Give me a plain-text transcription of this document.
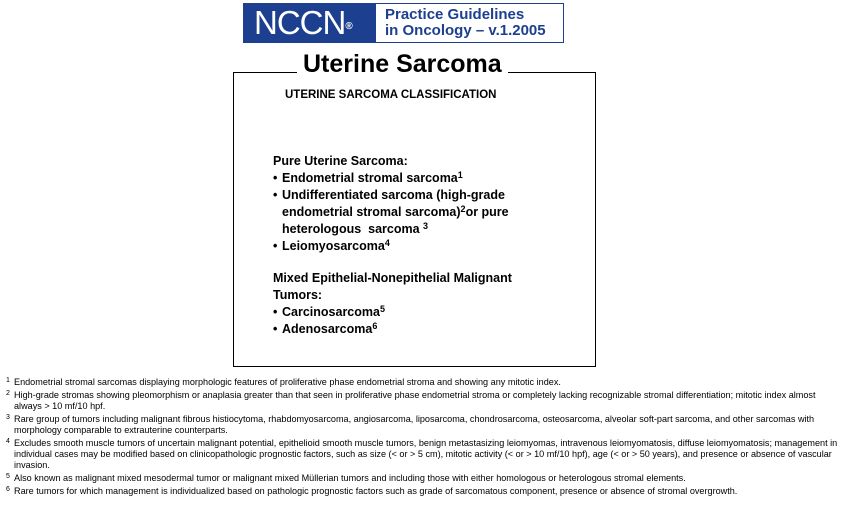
NCCN®
Practice Guidelines
in Oncology – v.1.2005
Uterine Sarcoma
UTERINE SARCOMA CLASSIFICATION
Pure Uterine Sarcoma:
• Endometrial stromal sarcoma$^1$
• Undifferentiated sarcoma (high-grade
endometrial stromal sarcoma)$^2$or pure
heterologous  sarcoma $^3$
• Leiomyosarcoma$^4$
Mixed Epithelial-Nonepithelial Malignant
Tumors:
• Carcinosarcoma$^5$
• Adenosarcoma$^6$
1 Endometrial stromal sarcomas displaying morphologic features of proliferative phase endometrial stroma and showing any mitotic index.
2 High-grade stromas showing pleomorphism or anaplasia greater than that seen in proliferative phase endometrial stroma or completely lacking recognizable stromal differentiation; mitotic index almost always > 10 mf/10 hpf.
3 Rare group of tumors including malignant fibrous histiocytoma, rhabdomyosarcoma, angiosarcoma, liposarcoma, chondrosarcoma, osteosarcoma, alveolar soft-part sarcoma, and other sarcomas with morphology comparable to extrauterine counterparts.
4 Excludes smooth muscle tumors of uncertain malignant potential, epithelioid smooth muscle tumors, benign metastasizing leiomyomas, intravenous leiomyomatosis, diffuse leiomyomatosis; management in individual cases may be modified based on clinicopathologic prognostic factors, such as size (< or > 5 cm), mitotic activity (< or > 10 mf/10 hpf), age (< or > 50 years), and presence or absence of vascular invasion.
5 Also known as malignant mixed mesodermal tumor or malignant mixed Müllerian tumors and including those with either homologous or heterologous stromal elements.
6 Rare tumors for which management is individualized based on pathologic prognostic factors such as grade of sarcomatous component, presence or absence of stromal overgrowth.
